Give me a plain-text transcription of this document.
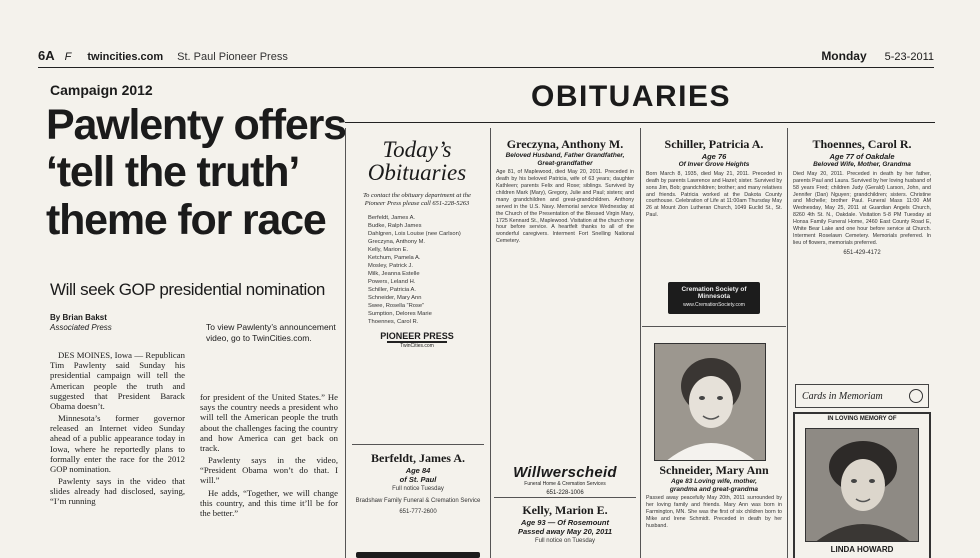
6A F twincities.com St. Paul Pioneer Press	Monday 5-23-2011
Campaign 2012
Pawlenty offers ‘tell the truth’ theme for race
Will seek GOP presidential nomination
By Brian Bakst
Associated Press	To view Pawlenty’s announcement video, go to TwinCities.com.

DES MOINES, Iowa — Republican Tim Pawlenty said Sunday his presidential campaign will tell the American people the truth and suggested that President Barack Obama doesn’t.

Minnesota’s former governor released an Internet video Sunday ahead of a public appearance today in Iowa, where he reportedly plans to formally enter the race for the 2012 GOP nomination.

Pawlenty says in the video that slides already had disclosed, saying, “I’m running

for president of the United States.” He says the country needs a president who will tell the American people the truth about the challenges facing the country and how America can get back on track.

Pawlenty says in the video, “President Obama won’t do that. I will.”

He adds, “Together, we will change this country, and this time it’ll be for the better.”

OBITUARIES
Today’s Obituaries
To contact the obituary department at the Pioneer Press please call 651-228-5263
Berfeldt, James A.
Budke, Ralph James
Dahlgren, Lois Louise (nee Carlson)
Greczyna, Anthony M.
Kelly, Marion E.
Ketchum, Pamela A.
Mosley, Patrick J.
Milk, Jeanna Estelle
Powers, Leland H.
Schiller, Patricia A.
Schneider, Mary Ann
Swee, Rosella “Rose”
Sumption, Delores Marie
Thoennes, Carol R.
PIONEER PRESS
TwinCities.com
Berfeldt, James A.
Age 84
of St. Paul
Full notice Tuesday
Bradshaw Family Funeral & Cremation Service
651-777-2600
Greczyna, Anthony M.
Beloved Husband, Father Grandfather, Great-grandfather
Age 81, of Maplewood, died May 20, 2011. Preceded in death by his beloved Patricia, wife of 63 years; daughter Kathleen; parents Felix and Rose; siblings. Survived by children Mark (Mary), Gregory, Julie and Paul; sisters; and many grandchildren and great-grandchildren. Anthony served in the U.S. Navy. Memorial service Wednesday at the Church of the Presentation of the Blessed Virgin Mary, 1725 Kennard St., Maplewood. Visitation at the church one hour before service. A heartfelt thanks to all of the wonderful caregivers. Interment Fort Snelling National Cemetery.
Willwerscheid
Funeral Home & Cremation Services
651-228-1006
Kelly, Marion E.
Age 93 — Of Rosemount
Passed away May 20, 2011
Full notice on Tuesday
Schiller, Patricia A.
Age 76
Of Inver Grove Heights
Born March 8, 1935, died May 21, 2011. Preceded in death by parents Lawrence and Hazel; sister. Survived by sons Jim, Bob; grandchildren; brother; and many relatives and friends. Patricia worked at the Dakota County courthouse. Celebration of Life at 11:00am Thursday May 26 at Mount Zion Lutheran Church, 1049 Euclid St., St. Paul.
Cremation Society of Minnesota
www.CremationSociety.com
Schneider, Mary Ann
Age 83 Loving wife, mother,
grandma and great-grandma
Passed away peacefully May 20th, 2011 surrounded by her loving family and friends. Mary Ann was born in Farmington, MN. She was the first of six children born to Mike and Irene Schmidt. Preceded in death by her husband.
Thoennes, Carol R.
Age 77 of Oakdale
Beloved Wife, Mother, Grandma
Died May 20, 2011. Preceded in death by her father, parents Paul and Laura. Survived by her loving husband of 58 years Fred; children Judy (Gerald) Larson, John, and Jennifer (Dan) Nguyen; grandchildren; sisters. Christine and Michelle; brother Paul. Funeral Mass 11:00 AM Wednesday, May 25, 2011 at Guardian Angels Church, 8260 4th St. N., Oakdale. Visitation 5-8 PM Tuesday at Honsa Family Funeral Home, 2460 East County Road E, White Bear Lake and one hour before service at Church. Interment Roselawn Cemetery. Memorials preferred. In lieu of flowers, memorials preferred.
651-429-4172
Cards in Memoriam
IN LOVING MEMORY OF
LINDA HOWARD
